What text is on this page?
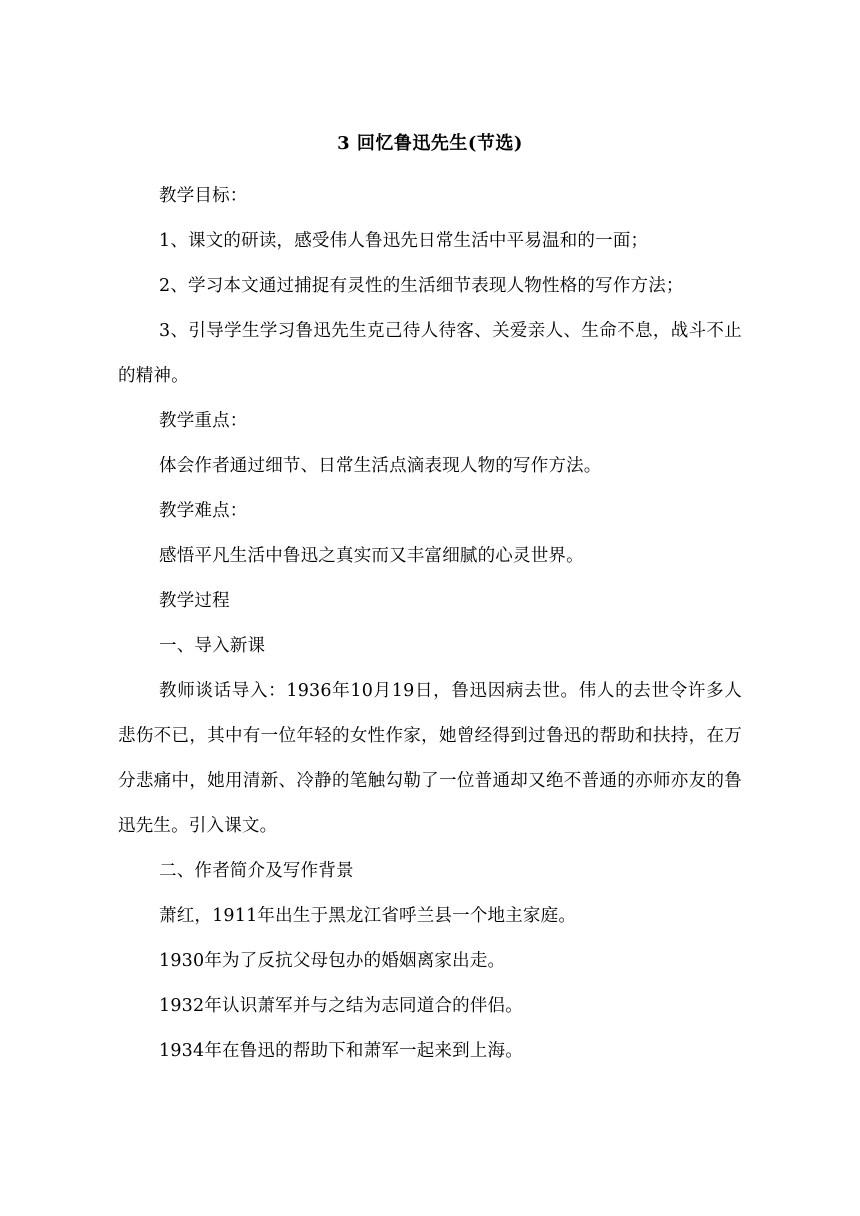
3 回忆鲁迅先生(节选)

教学目标：

1、课文的研读，感受伟人鲁迅先日常生活中平易温和的一面；

2、学习本文通过捕捉有灵性的生活细节表现人物性格的写作方法；

3、引导学生学习鲁迅先生克己待人待客、关爱亲人、生命不息，战斗不止的精神。

教学重点：

体会作者通过细节、日常生活点滴表现人物的写作方法。

教学难点：

感悟平凡生活中鲁迅之真实而又丰富细腻的心灵世界。

教学过程

一、导入新课

教师谈话导入：1936年10月19日，鲁迅因病去世。伟人的去世令许多人悲伤不已，其中有一位年轻的女性作家，她曾经得到过鲁迅的帮助和扶持，在万分悲痛中，她用清新、冷静的笔触勾勒了一位普通却又绝不普通的亦师亦友的鲁迅先生。引入课文。

二、作者简介及写作背景

萧红，1911年出生于黑龙江省呼兰县一个地主家庭。

1930年为了反抗父母包办的婚姻离家出走。

1932年认识萧军并与之结为志同道合的伴侣。

1934年在鲁迅的帮助下和萧军一起来到上海。
